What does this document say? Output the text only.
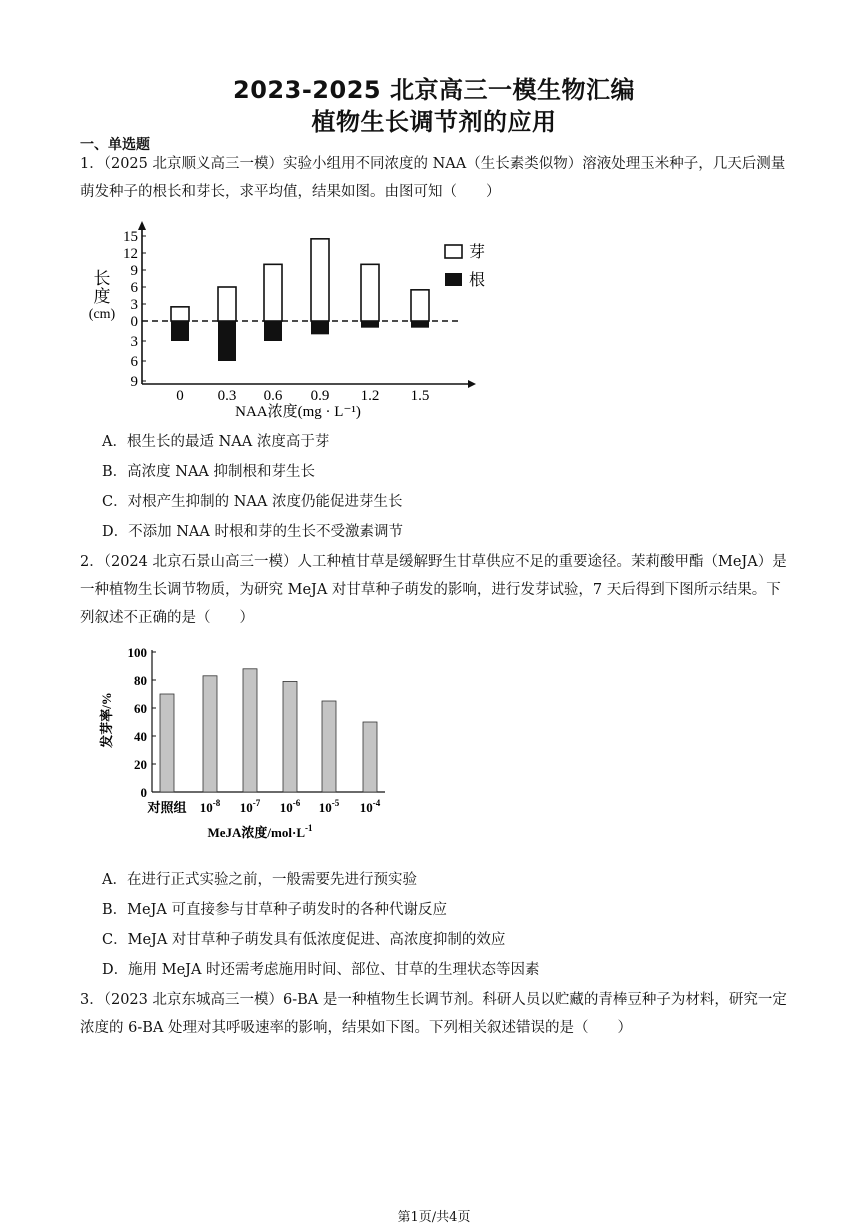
2023-2025 北京高三一模生物汇编
植物生长调节剂的应用
一、单选题
1．（2025 北京顺义高三一模）实验小组用不同浓度的 NAA（生长素类似物）溶液处理玉米种子，几天后测量萌发种子的根长和芽长，求平均值，结果如图。由图可知（　　）
15
12
9
6
3
0
3
6
9
长
度
(cm)
0 0.3 0.6 0.9 1.2 1.5
NAA浓度(mg · L⁻¹)
芽
根
A．根生长的最适 NAA 浓度高于芽
B．高浓度 NAA 抑制根和芽生长
C．对根产生抑制的 NAA 浓度仍能促进芽生长
D．不添加 NAA 时根和芽的生长不受激素调节
2．（2024 北京石景山高三一模）人工种植甘草是缓解野生甘草供应不足的重要途径。茉莉酸甲酯（MeJA）是一种植物生长调节物质，为研究 MeJA 对甘草种子萌发的影响，进行发芽试验，7 天后得到下图所示结果。下列叙述不正确的是（　　）
0
20
40
60
80
100
发芽率/%
对照组 $10^{-8}$ $10^{-7}$ $10^{-6}$ $10^{-5}$ $10^{-4}$
MeJA浓度$/mol\cdot L^{-1}$
A．在进行正式实验之前，一般需要先进行预实验
B．MeJA 可直接参与甘草种子萌发时的各种代谢反应
C．MeJA 对甘草种子萌发具有低浓度促进、高浓度抑制的效应
D．施用 MeJA 时还需考虑施用时间、部位、甘草的生理状态等因素
3．（2023 北京东城高三一模）6-BA 是一种植物生长调节剂。科研人员以贮藏的青棒豆种子为材料，研究一定浓度的 6-BA 处理对其呼吸速率的影响，结果如下图。下列相关叙述错误的是（　　）
第1页/共4页
